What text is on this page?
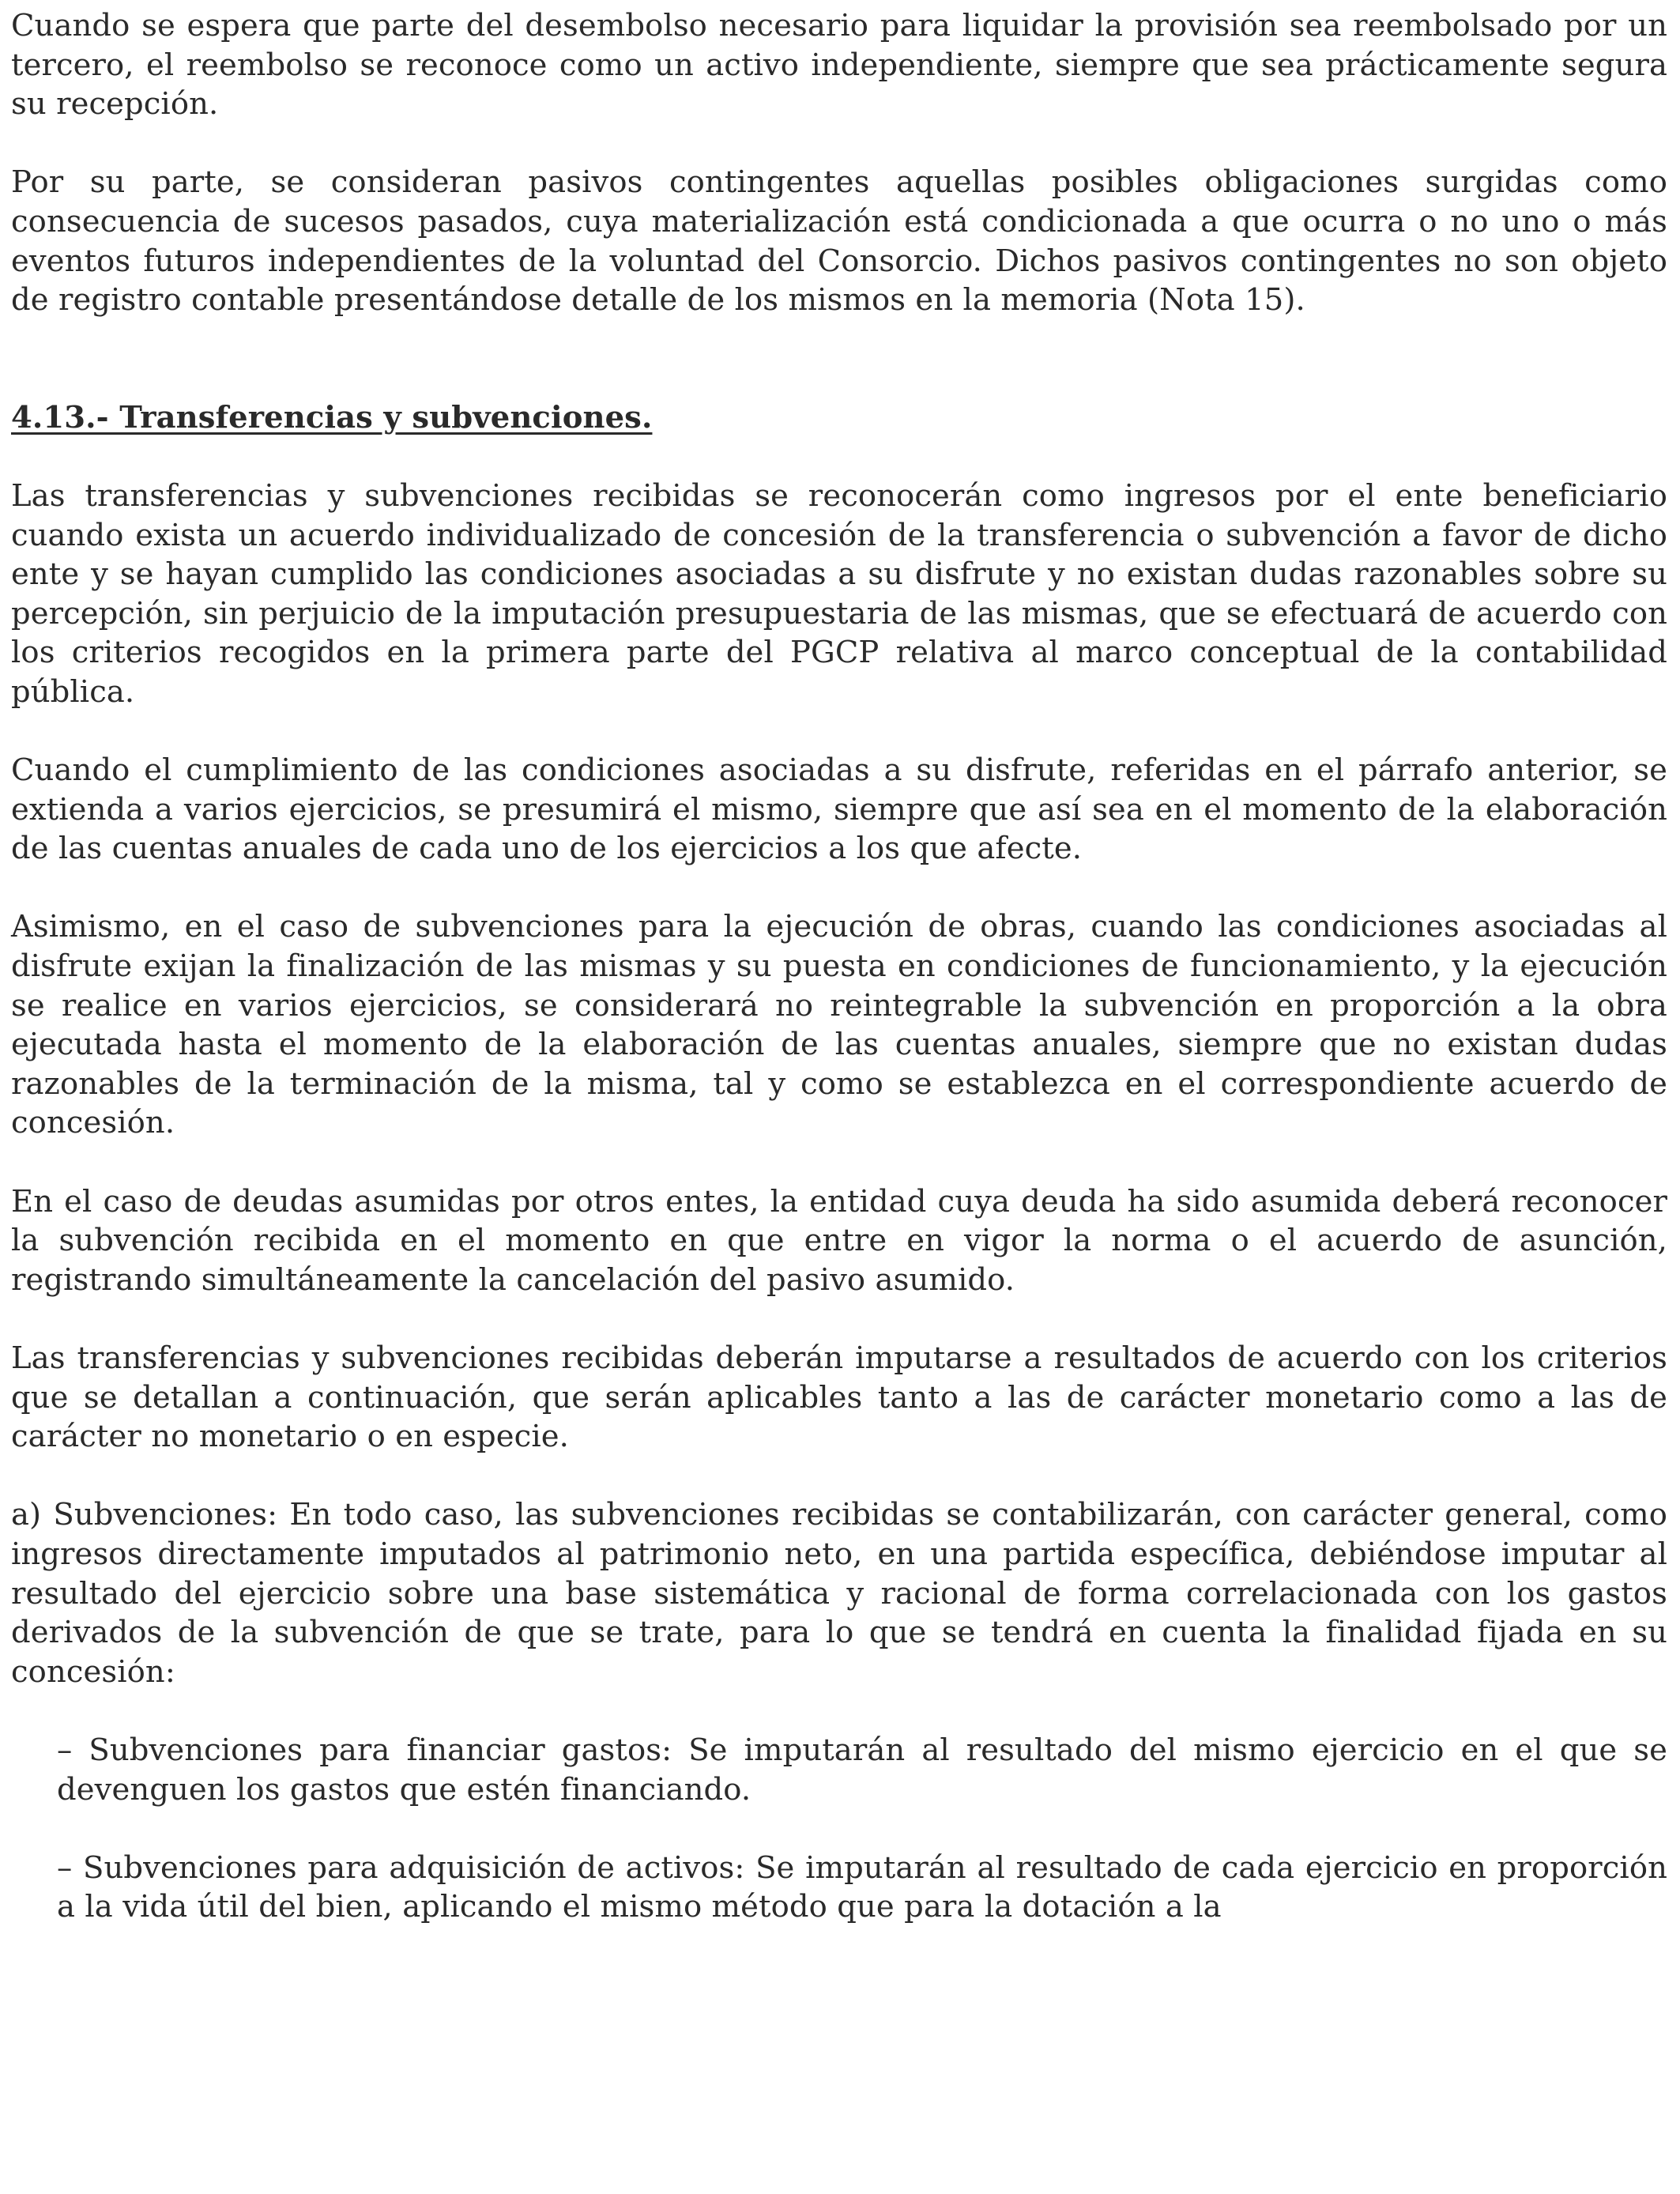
Cuando se espera que parte del desembolso necesario para liquidar la provisión sea reembolsado por un tercero, el reembolso se reconoce como un activo independiente, siempre que sea prácticamente segura su recepción.

Por su parte, se consideran pasivos contingentes aquellas posibles obligaciones surgidas como consecuencia de sucesos pasados, cuya materialización está condicionada a que ocurra o no uno o más eventos futuros independientes de la voluntad del Consorcio. Dichos pasivos contingentes no son objeto de registro contable presentándose detalle de los mismos en la memoria (Nota 15).

4.13.- Transferencias y subvenciones.

Las transferencias y subvenciones recibidas se reconocerán como ingresos por el ente beneficiario cuando exista un acuerdo individualizado de concesión de la transferencia o subvención a favor de dicho ente y se hayan cumplido las condiciones asociadas a su disfrute y no existan dudas razonables sobre su percepción, sin perjuicio de la imputación presupuestaria de las mismas, que se efectuará de acuerdo con los criterios recogidos en la primera parte del PGCP relativa al marco conceptual de la contabilidad pública.

Cuando el cumplimiento de las condiciones asociadas a su disfrute, referidas en el párrafo anterior, se extienda a varios ejercicios, se presumirá el mismo, siempre que así sea en el momento de la elaboración de las cuentas anuales de cada uno de los ejercicios a los que afecte.

Asimismo, en el caso de subvenciones para la ejecución de obras, cuando las condiciones asociadas al disfrute exijan la finalización de las mismas y su puesta en condiciones de funcionamiento, y la ejecución se realice en varios ejercicios, se considerará no reintegrable la subvención en proporción a la obra ejecutada hasta el momento de la elaboración de las cuentas anuales, siempre que no existan dudas razonables de la terminación de la misma, tal y como se establezca en el correspondiente acuerdo de concesión.

En el caso de deudas asumidas por otros entes, la entidad cuya deuda ha sido asumida deberá reconocer la subvención recibida en el momento en que entre en vigor la norma o el acuerdo de asunción, registrando simultáneamente la cancelación del pasivo asumido.

Las transferencias y subvenciones recibidas deberán imputarse a resultados de acuerdo con los criterios que se detallan a continuación, que serán aplicables tanto a las de carácter monetario como a las de carácter no monetario o en especie.

a) Subvenciones: En todo caso, las subvenciones recibidas se contabilizarán, con carácter general, como ingresos directamente imputados al patrimonio neto, en una partida específica, debiéndose imputar al resultado del ejercicio sobre una base sistemática y racional de forma correlacionada con los gastos derivados de la subvención de que se trate, para lo que se tendrá en cuenta la finalidad fijada en su concesión:

– Subvenciones para financiar gastos: Se imputarán al resultado del mismo ejercicio en el que se devenguen los gastos que estén financiando.

– Subvenciones para adquisición de activos: Se imputarán al resultado de cada ejercicio en proporción a la vida útil del bien, aplicando el mismo método que para la dotación a la
